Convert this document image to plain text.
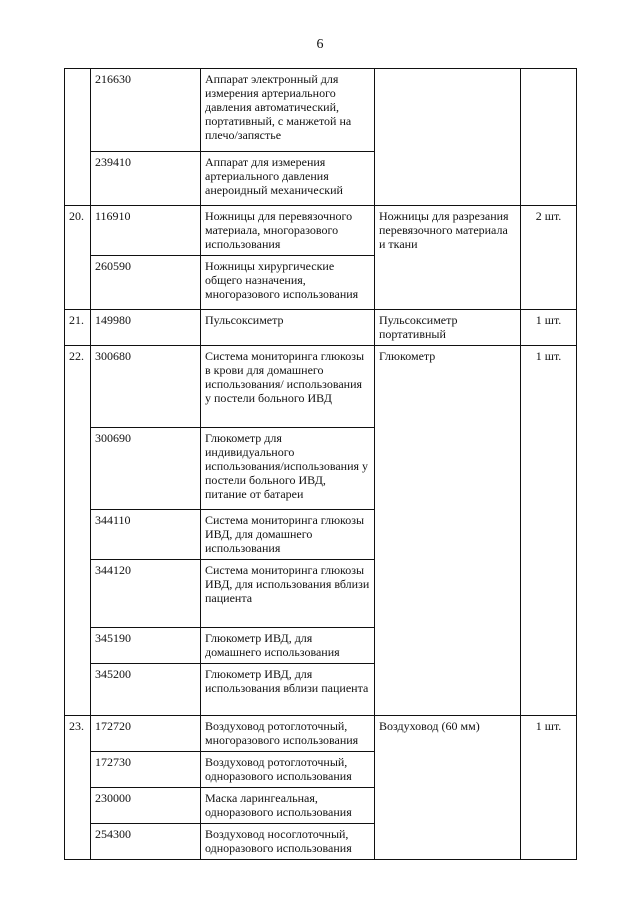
6
	216630	Аппарат электронный для измерения артериального давления автоматический, портативный, с манжетой на плечо/запястье		
	239410	Аппарат для измерения артериального давления анероидный механический		
20.	116910	Ножницы для перевязочного материала, многоразового использования	Ножницы для разрезания перевязочного материала и ткани	2 шт.
	260590	Ножницы хирургические общего назначения, многоразового использования		
21.	149980	Пульсоксиметр	Пульсоксиметр портативный	1 шт.
22.	300680	Система мониторинга глюкозы в крови для домашнего использования/ использования у постели больного ИВД	Глюкометр	1 шт.
	300690	Глюкометр для индивидуального использования/использования у постели больного ИВД, питание от батареи		
	344110	Система мониторинга глюкозы ИВД, для домашнего использования		
	344120	Система мониторинга глюкозы ИВД, для использования вблизи пациента		
	345190	Глюкометр ИВД, для домашнего использования		
	345200	Глюкометр ИВД, для использования вблизи пациента		
23.	172720	Воздуховод ротоглоточный, многоразового использования	Воздуховод (60 мм)	1 шт.
	172730	Воздуховод ротоглоточный, одноразового использования		
	230000	Маска ларингеальная, одноразового использования		
	254300	Воздуховод носоглоточный, одноразового использования		
